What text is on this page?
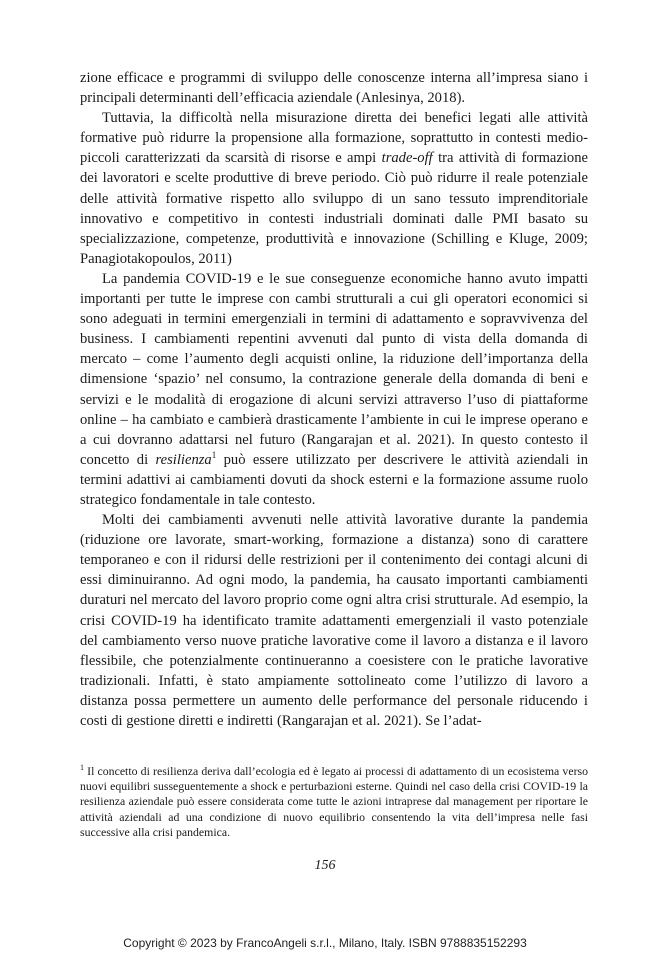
zione efficace e programmi di sviluppo delle conoscenze interna all’impresa siano i principali determinanti dell’efficacia aziendale (Anlesinya, 2018).

Tuttavia, la difficoltà nella misurazione diretta dei benefici legati alle attività formative può ridurre la propensione alla formazione, soprattutto in contesti medio-piccoli caratterizzati da scarsità di risorse e ampi trade-off tra attività di formazione dei lavoratori e scelte produttive di breve periodo. Ciò può ridurre il reale potenziale delle attività formative rispetto allo sviluppo di un sano tessuto imprenditoriale innovativo e competitivo in contesti industriali dominati dalle PMI basato su specializzazione, competenze, produttività e innovazione (Schilling e Kluge, 2009; Panagiotakopoulos, 2011)

La pandemia COVID-19 e le sue conseguenze economiche hanno avuto impatti importanti per tutte le imprese con cambi strutturali a cui gli operatori economici si sono adeguati in termini emergenziali in termini di adattamento e sopravvivenza del business. I cambiamenti repentini avvenuti dal punto di vista della domanda di mercato – come l’aumento degli acquisti online, la riduzione dell’importanza della dimensione ‘spazio’ nel consumo, la contrazione generale della domanda di beni e servizi e le modalità di erogazione di alcuni servizi attraverso l’uso di piattaforme online – ha cambiato e cambierà drasticamente l’ambiente in cui le imprese operano e a cui dovranno adattarsi nel futuro (Rangarajan et al. 2021). In questo contesto il concetto di resilienza$^1$ può essere utilizzato per descrivere le attività aziendali in termini adattivi ai cambiamenti dovuti da shock esterni e la formazione assume ruolo strategico fondamentale in tale contesto.

Molti dei cambiamenti avvenuti nelle attività lavorative durante la pandemia (riduzione ore lavorate, smart-working, formazione a distanza) sono di carattere temporaneo e con il ridursi delle restrizioni per il contenimento dei contagi alcuni di essi diminuiranno. Ad ogni modo, la pandemia, ha causato importanti cambiamenti duraturi nel mercato del lavoro proprio come ogni altra crisi strutturale. Ad esempio, la crisi COVID-19 ha identificato tramite adattamenti emergenziali il vasto potenziale del cambiamento verso nuove pratiche lavorative come il lavoro a distanza e il lavoro flessibile, che potenzialmente continueranno a coesistere con le pratiche lavorative tradizionali. Infatti, è stato ampiamente sottolineato come l’utilizzo di lavoro a distanza possa permettere un aumento delle performance del personale riducendo i costi di gestione diretti e indiretti (Rangarajan et al. 2021). Se l’adat-

$^1$ Il concetto di resilienza deriva dall’ecologia ed è legato ai processi di adattamento di un ecosistema verso nuovi equilibri susseguentemente a shock e perturbazioni esterne. Quindi nel caso della crisi COVID-19 la resilienza aziendale può essere considerata come tutte le azioni intraprese dal management per riportare le attività aziendali ad una condizione di nuovo equilibrio consentendo la vita dell’impresa nelle fasi successive alla crisi pandemica.
156
Copyright © 2023 by FrancoAngeli s.r.l., Milano, Italy. ISBN 9788835152293
